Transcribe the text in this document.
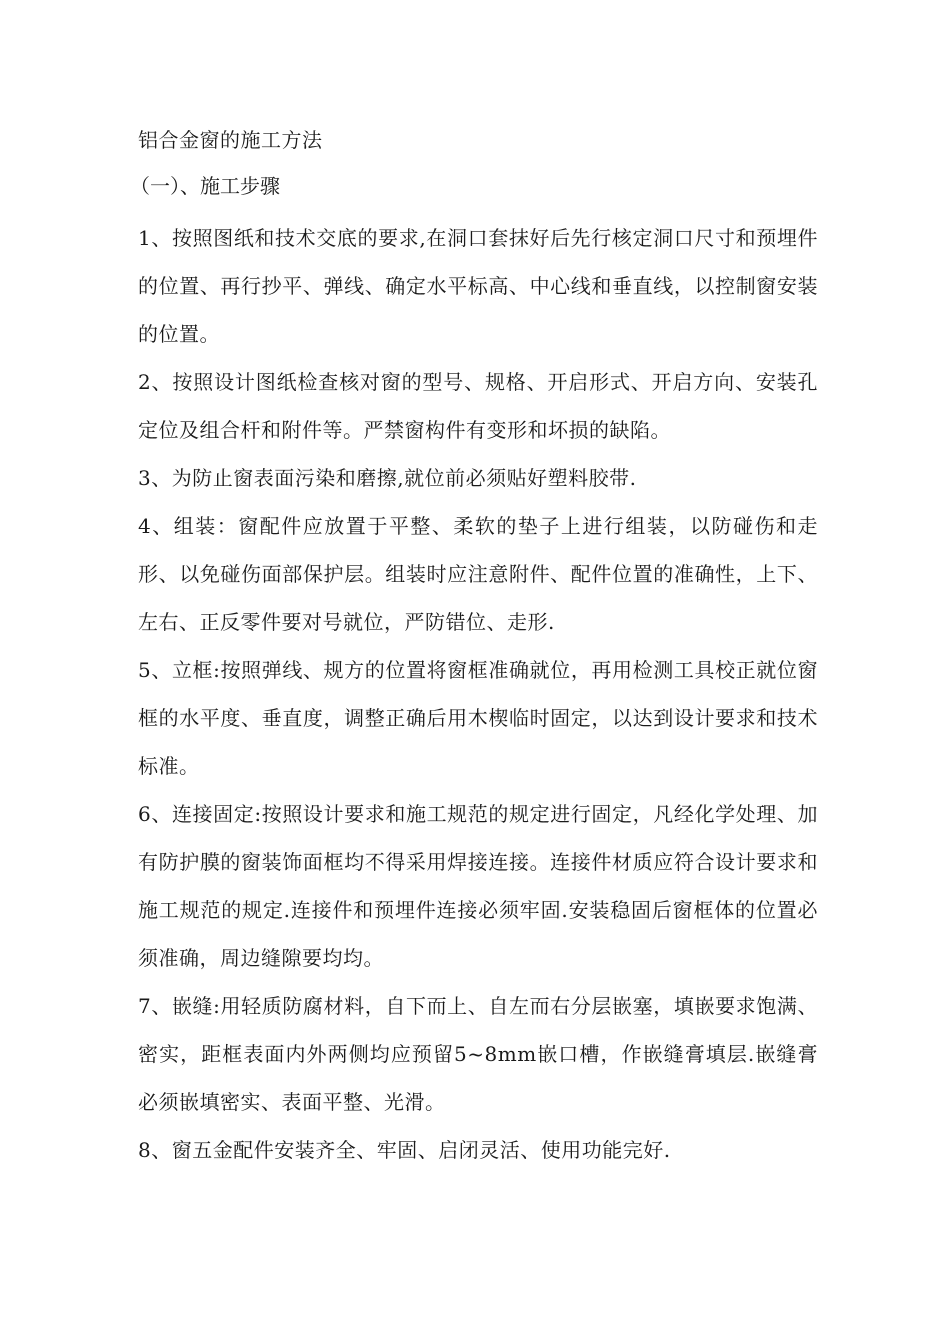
铝合金窗的施工方法
（一）、施工步骤

1、按照图纸和技术交底的要求,在洞口套抹好后先行核定洞口尺寸和预埋件的位置、再行抄平、弹线、确定水平标高、中心线和垂直线，以控制窗安装的位置。

2、按照设计图纸检查核对窗的型号、规格、开启形式、开启方向、安装孔定位及组合杆和附件等。严禁窗构件有变形和坏损的缺陷。

3、为防止窗表面污染和磨擦,就位前必须贴好塑料胶带.

4、组装：窗配件应放置于平整、柔软的垫子上进行组装，以防碰伤和走形、以免碰伤面部保护层。组装时应注意附件、配件位置的准确性，上下、左右、正反零件要对号就位，严防错位、走形.

5、立框:按照弹线、规方的位置将窗框准确就位，再用检测工具校正就位窗框的水平度、垂直度，调整正确后用木楔临时固定，以达到设计要求和技术标准。

6、连接固定:按照设计要求和施工规范的规定进行固定，凡经化学处理、加有防护膜的窗装饰面框均不得采用焊接连接。连接件材质应符合设计要求和施工规范的规定.连接件和预埋件连接必须牢固.安装稳固后窗框体的位置必须准确，周边缝隙要均均。

7、嵌缝:用轻质防腐材料，自下而上、自左而右分层嵌塞，填嵌要求饱满、密实，距框表面内外两侧均应预留5~8mm嵌口槽，作嵌缝膏填层.嵌缝膏必须嵌填密实、表面平整、光滑。

8、窗五金配件安装齐全、牢固、启闭灵活、使用功能完好.
